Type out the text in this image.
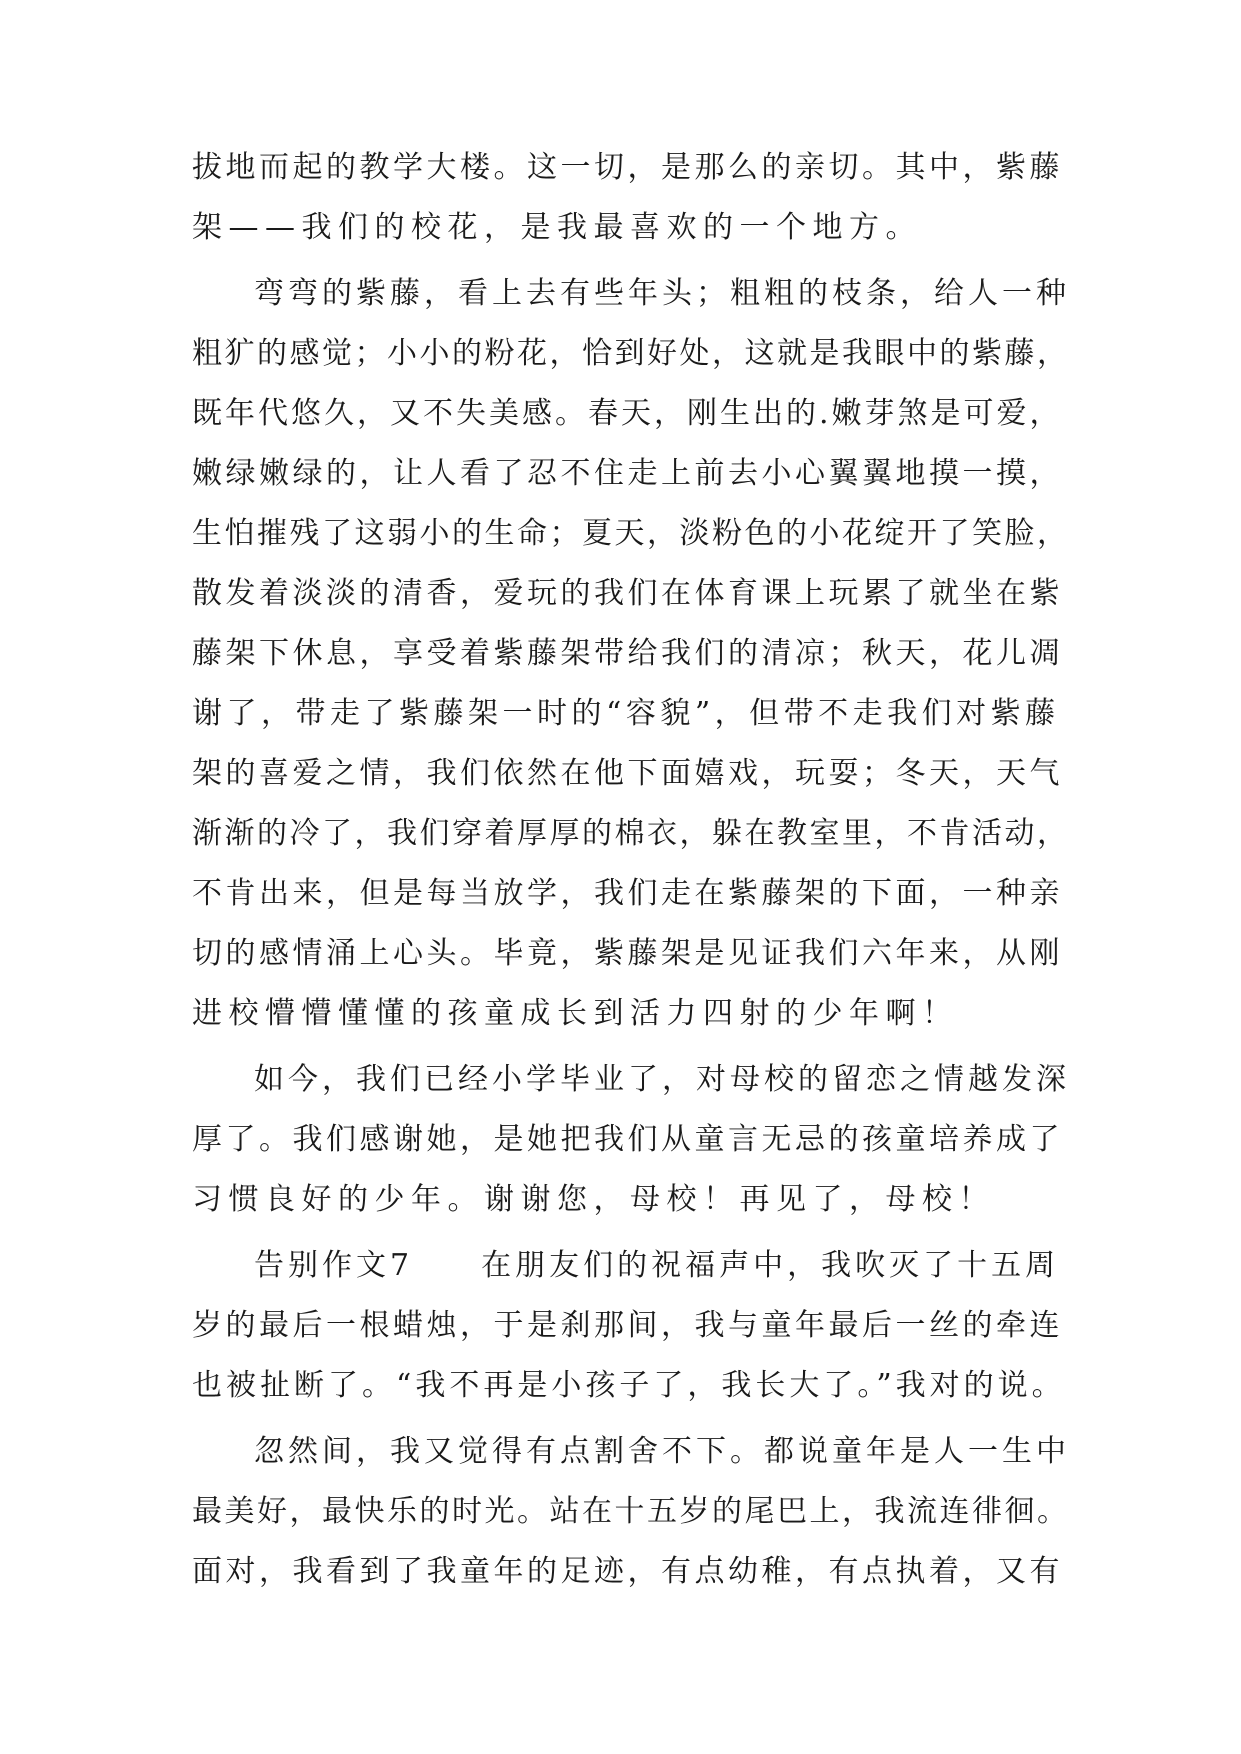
拔地而起的教学大楼。这一切，是那么的亲切。其中，紫藤
架——我们的校花，是我最喜欢的一个地方。
弯弯的紫藤，看上去有些年头；粗粗的枝条，给人一种
粗犷的感觉；小小的粉花，恰到好处，这就是我眼中的紫藤，
既年代悠久，又不失美感。春天，刚生出的.嫩芽煞是可爱，
嫩绿嫩绿的，让人看了忍不住走上前去小心翼翼地摸一摸，
生怕摧残了这弱小的生命；夏天，淡粉色的小花绽开了笑脸，
散发着淡淡的清香，爱玩的我们在体育课上玩累了就坐在紫
藤架下休息，享受着紫藤架带给我们的清凉；秋天，花儿凋
谢了，带走了紫藤架一时的“容貌”，但带不走我们对紫藤
架的喜爱之情，我们依然在他下面嬉戏，玩耍；冬天，天气
渐渐的冷了，我们穿着厚厚的棉衣，躲在教室里，不肯活动，
不肯出来，但是每当放学，我们走在紫藤架的下面，一种亲
切的感情涌上心头。毕竟，紫藤架是见证我们六年来，从刚
进校懵懵懂懂的孩童成长到活力四射的少年啊！
如今，我们已经小学毕业了，对母校的留恋之情越发深
厚了。我们感谢她，是她把我们从童言无忌的孩童培养成了
习惯良好的少年。谢谢您，母校！再见了，母校！
告别作文7　　在朋友们的祝福声中，我吹灭了十五周
岁的最后一根蜡烛，于是刹那间，我与童年最后一丝的牵连
也被扯断了。“我不再是小孩子了，我长大了。”我对的说。
忽然间，我又觉得有点割舍不下。都说童年是人一生中
最美好，最快乐的时光。站在十五岁的尾巴上，我流连徘徊。
面对，我看到了我童年的足迹，有点幼稚，有点执着，又有
